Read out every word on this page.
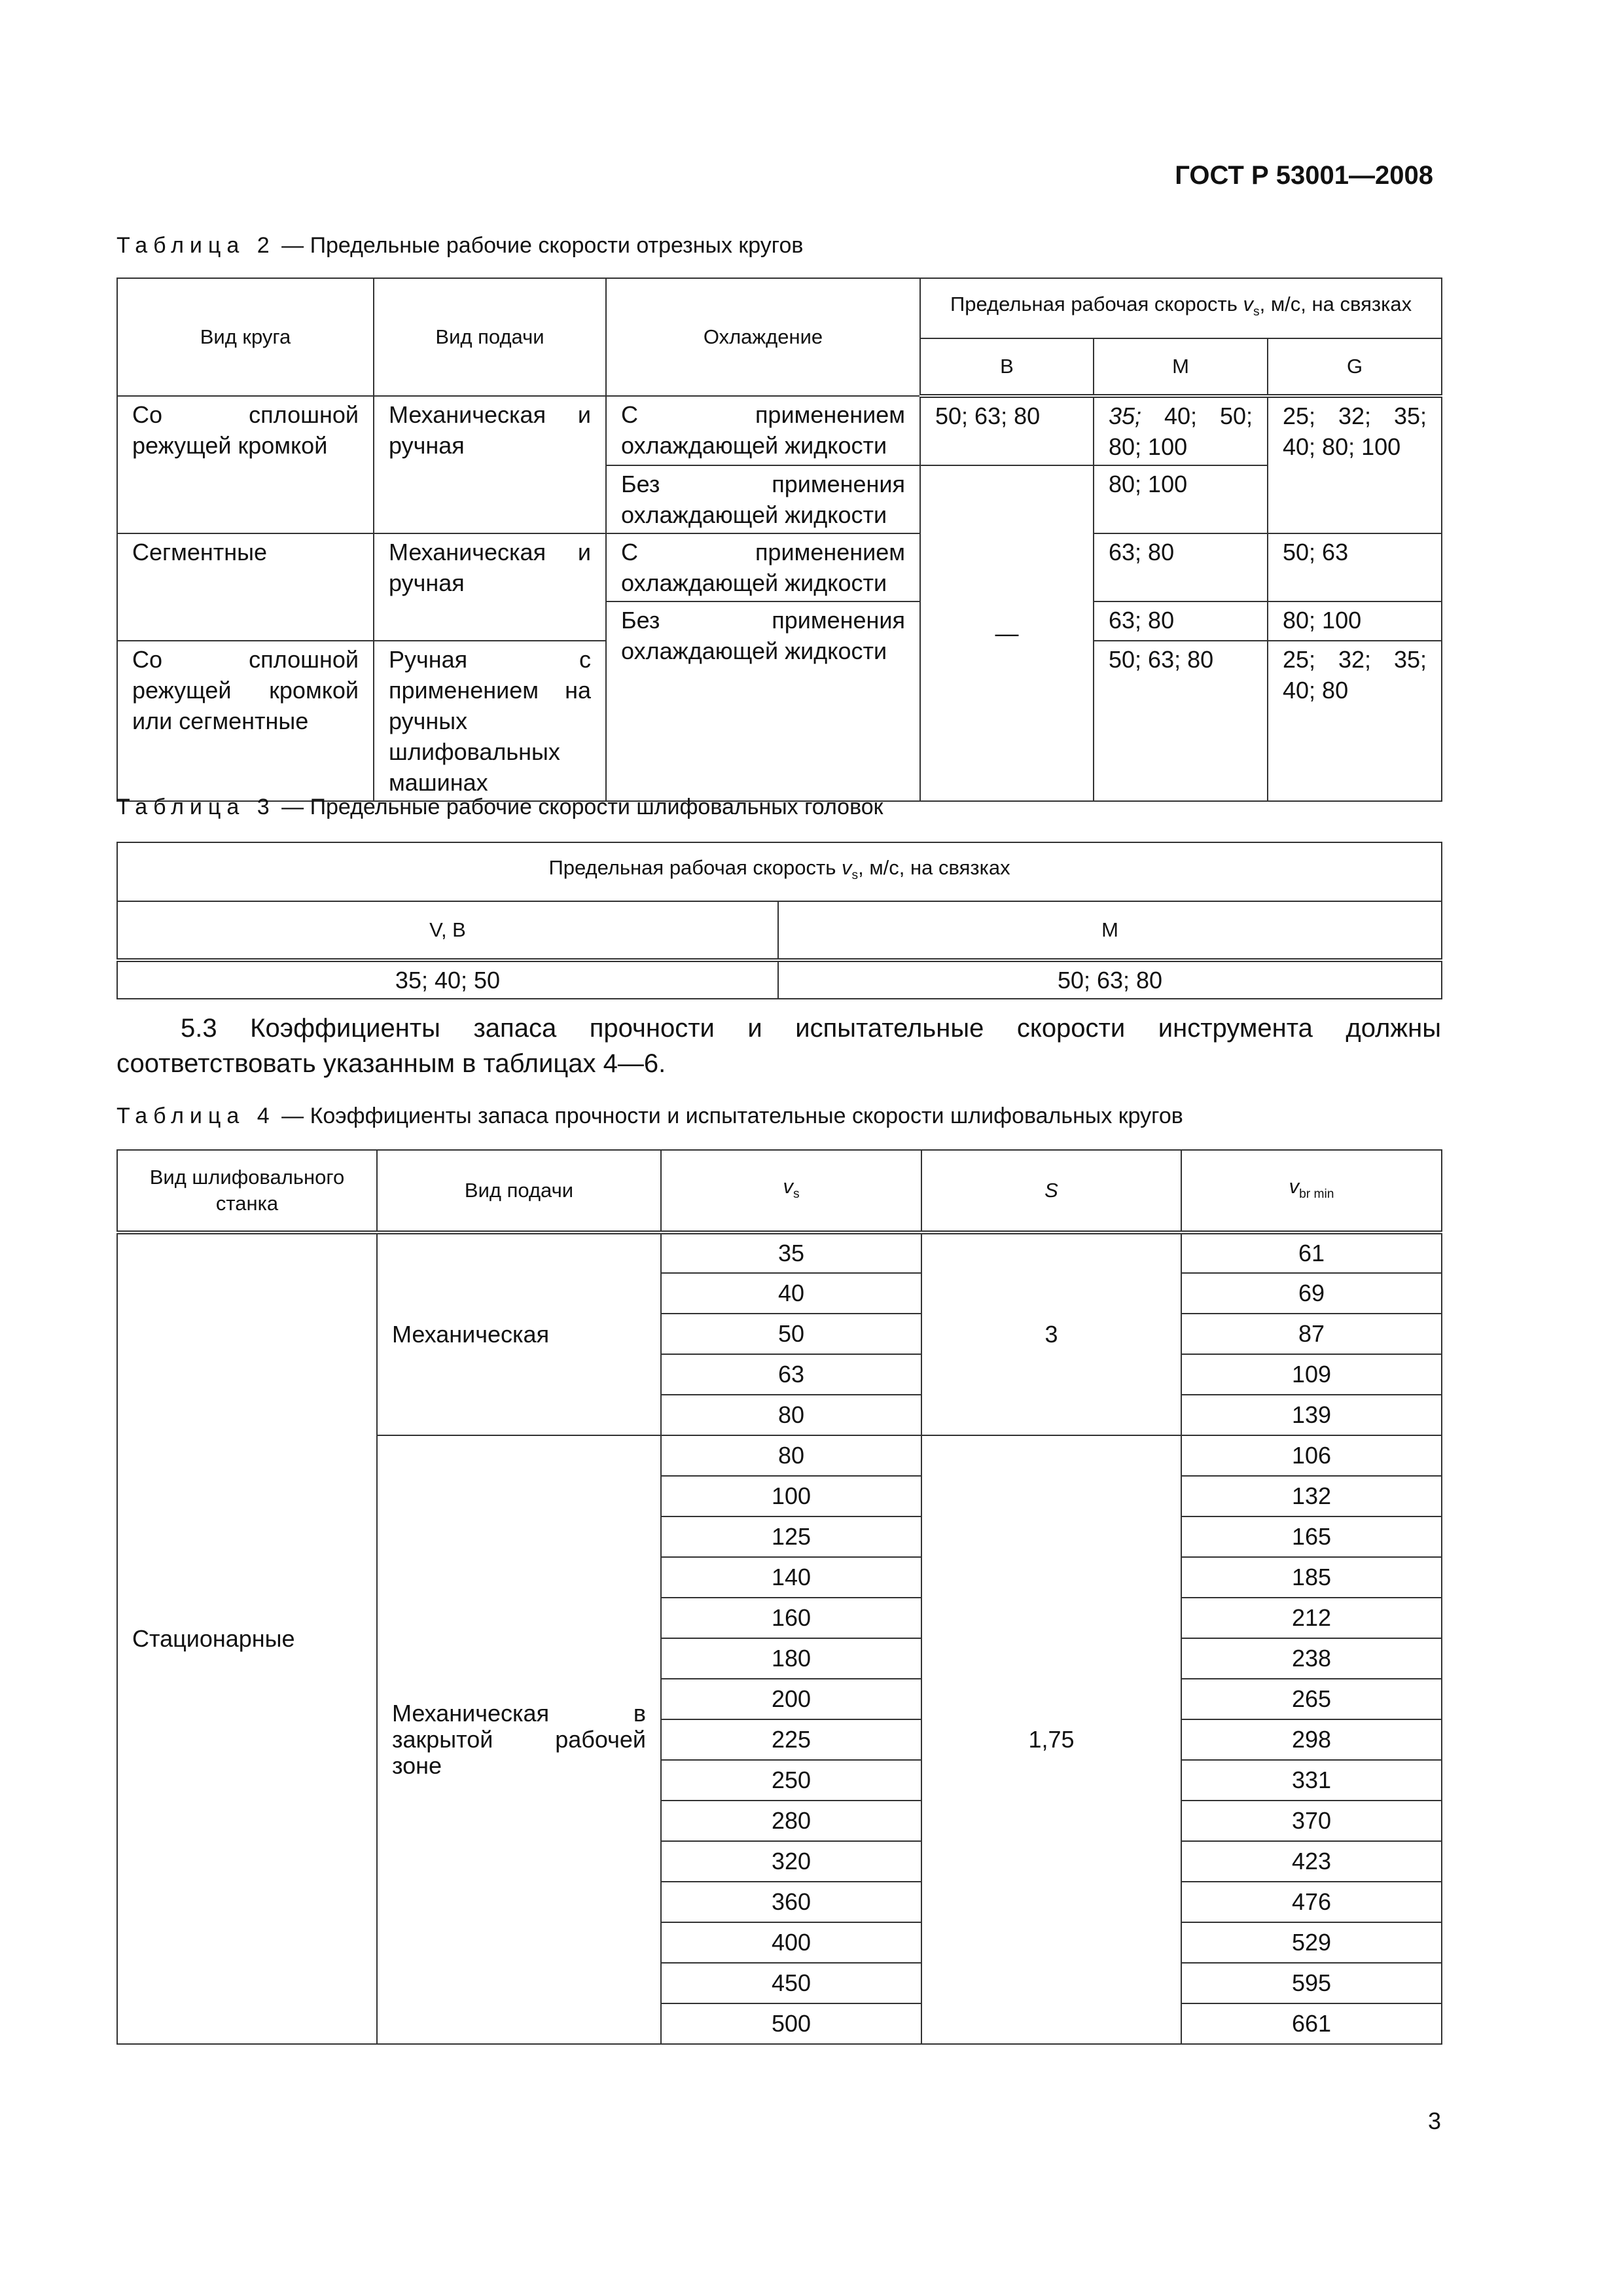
ГОСТ Р 53001—2008
Таблица 2 — Предельные рабочие скорости отрезных кругов
Вид круга	Вид подачи	Охлаждение	Предельная рабочая скорость $v_s$, м/с, на связках		
			B	M	G
Со сплошной режущей кромкой	Механическая и ручная	С применением охлаждающей жидкости	50; 63; 80	35; 40; 50; 80; 100	25; 32; 35; 40; 80; 100
		Без применения охлаждающей жидкости	—	80; 100	
Сегментные	Механическая и ручная	С применением охлаждающей жидкости		63; 80	50; 63
		Без применения охлаждающей жидкости		63; 80	80; 100
Со сплошной режущей кромкой или сегментные	Ручная с применением на ручных шлифовальных машинах			50; 63; 80	25; 32; 35; 40; 80
Таблица 3 — Предельные рабочие скорости шлифовальных головок
Предельная рабочая скорость $v_s$, м/с, на связках	
V, B	M
35; 40; 50	50; 63; 80
5.3 Коэффициенты запаса прочности и испытательные скорости инструмента должны соответствовать указанным в таблицах 4—6.
Таблица 4 — Коэффициенты запаса прочности и испытательные скорости шлифовальных кругов
Вид шлифовального станка	Вид подачи	$v_s$	S	$v_{br min}$
Стационарные	Механическая	35	3	61
		40		69
		50		87
		63		109
		80		139
	Механическая в закрытой рабочей зоне	80	1,75	106
		100		132
		125		165
		140		185
		160		212
		180		238
		200		265
		225		298
		250		331
		280		370
		320		423
		360		476
		400		529
		450		595
		500		661
3
